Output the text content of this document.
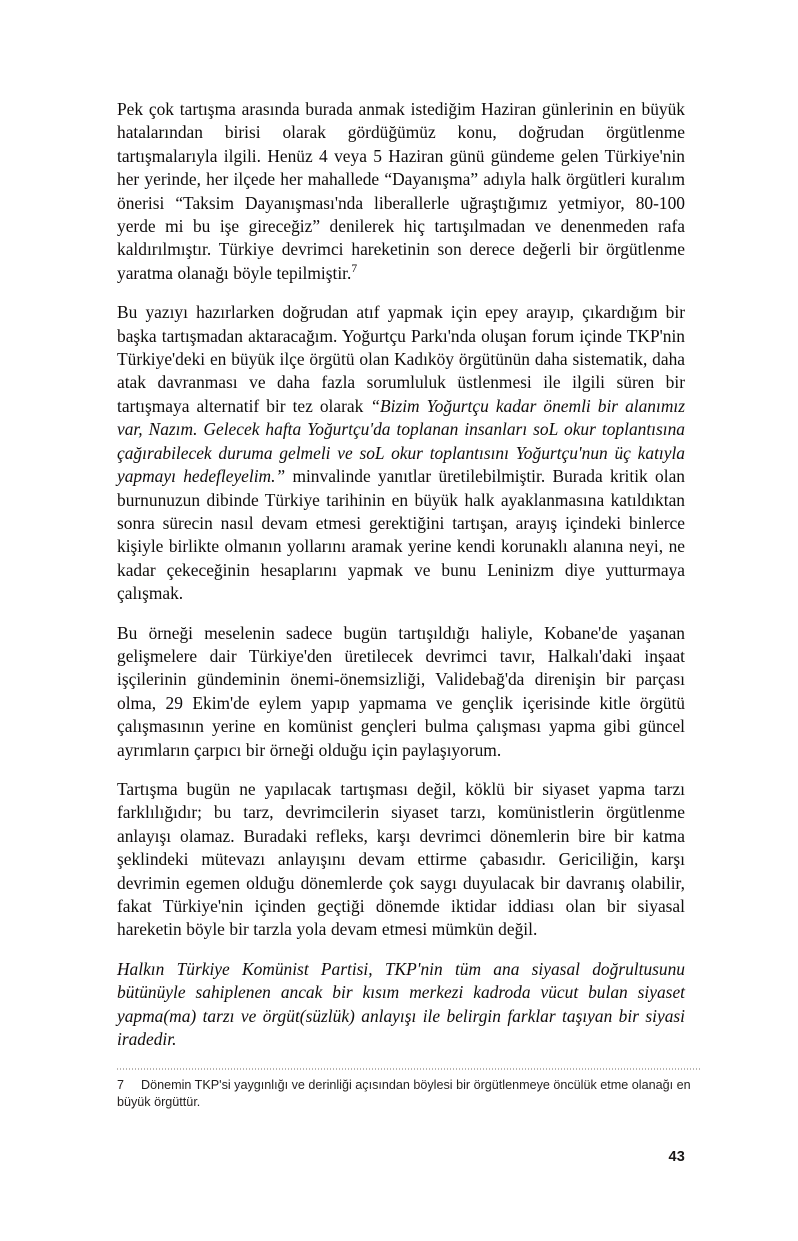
Pek çok tartışma arasında burada anmak istediğim Haziran günlerinin en büyük hatalarından birisi olarak gördüğümüz konu, doğrudan örgütlenme tartışmalarıyla ilgili. Henüz 4 veya 5 Haziran günü gündeme gelen Türkiye'nin her yerinde, her ilçede her mahallede “Dayanışma” adıyla halk örgütleri kuralım önerisi “Taksim Dayanışması'nda liberallerle uğraştığımız yetmiyor, 80-100 yerde mi bu işe gireceğiz” denilerek hiç tartışılmadan ve denenmeden rafa kaldırılmıştır. Türkiye devrimci hareketinin son derece değerli bir örgütlenme yaratma olanağı böyle tepilmiştir.$^7$

Bu yazıyı hazırlarken doğrudan atıf yapmak için epey arayıp, çıkardığım bir başka tartışmadan aktaracağım. Yoğurtçu Parkı'nda oluşan forum içinde TKP'nin Türkiye'deki en büyük ilçe örgütü olan Kadıköy örgütünün daha sistematik, daha atak davranması ve daha fazla sorumluluk üstlenmesi ile ilgili süren bir tartışmaya alternatif bir tez olarak “Bizim Yoğurtçu kadar önemli bir alanımız var, Nazım. Gelecek hafta Yoğurtçu'da toplanan insanları soL okur toplantısına çağırabilecek duruma gelmeli ve soL okur toplantısını Yoğurtçu'nun üç katıyla yapmayı hedefleyelim.” minvalinde yanıtlar üretilebilmiştir. Burada kritik olan burnunuzun dibinde Türkiye tarihinin en büyük halk ayaklanmasına katıldıktan sonra sürecin nasıl devam etmesi gerektiğini tartışan, arayış içindeki binlerce kişiyle birlikte olmanın yollarını aramak yerine kendi korunaklı alanına neyi, ne kadar çekeceğinin hesaplarını yapmak ve bunu Leninizm diye yutturmaya çalışmak.

Bu örneği meselenin sadece bugün tartışıldığı haliyle, Kobane'de yaşanan gelişmelere dair Türkiye'den üretilecek devrimci tavır, Halkalı'daki inşaat işçilerinin gündeminin önemi-önemsizliği, Validebağ'da direnişin bir parçası olma, 29 Ekim'de eylem yapıp yapmama ve gençlik içerisinde kitle örgütü çalışmasının yerine en komünist gençleri bulma çalışması yapma gibi güncel ayrımların çarpıcı bir örneği olduğu için paylaşıyorum.

Tartışma bugün ne yapılacak tartışması değil, köklü bir siyaset yapma tarzı farklılığıdır; bu tarz, devrimcilerin siyaset tarzı, komünistlerin örgütlenme anlayışı olamaz. Buradaki refleks, karşı devrimci dönemlerin bire bir katma şeklindeki mütevazı anlayışını devam ettirme çabasıdır. Gericiliğin, karşı devrimin egemen olduğu dönemlerde çok saygı duyulacak bir davranış olabilir, fakat Türkiye'nin içinden geçtiği dönemde iktidar iddiası olan bir siyasal hareketin böyle bir tarzla yola devam etmesi mümkün değil.

Halkın Türkiye Komünist Partisi, TKP'nin tüm ana siyasal doğrultusunu bütünüyle sahiplenen ancak bir kısım merkezi kadroda vücut bulan siyaset yapma(ma) tarzı ve örgüt(süzlük) anlayışı ile belirgin farklar taşıyan bir siyasi iradedir.

7 Dönemin TKP'si yaygınlığı ve derinliği açısından böylesi bir örgütlenmeye öncülük etme olanağı en büyük örgüttür.
43
